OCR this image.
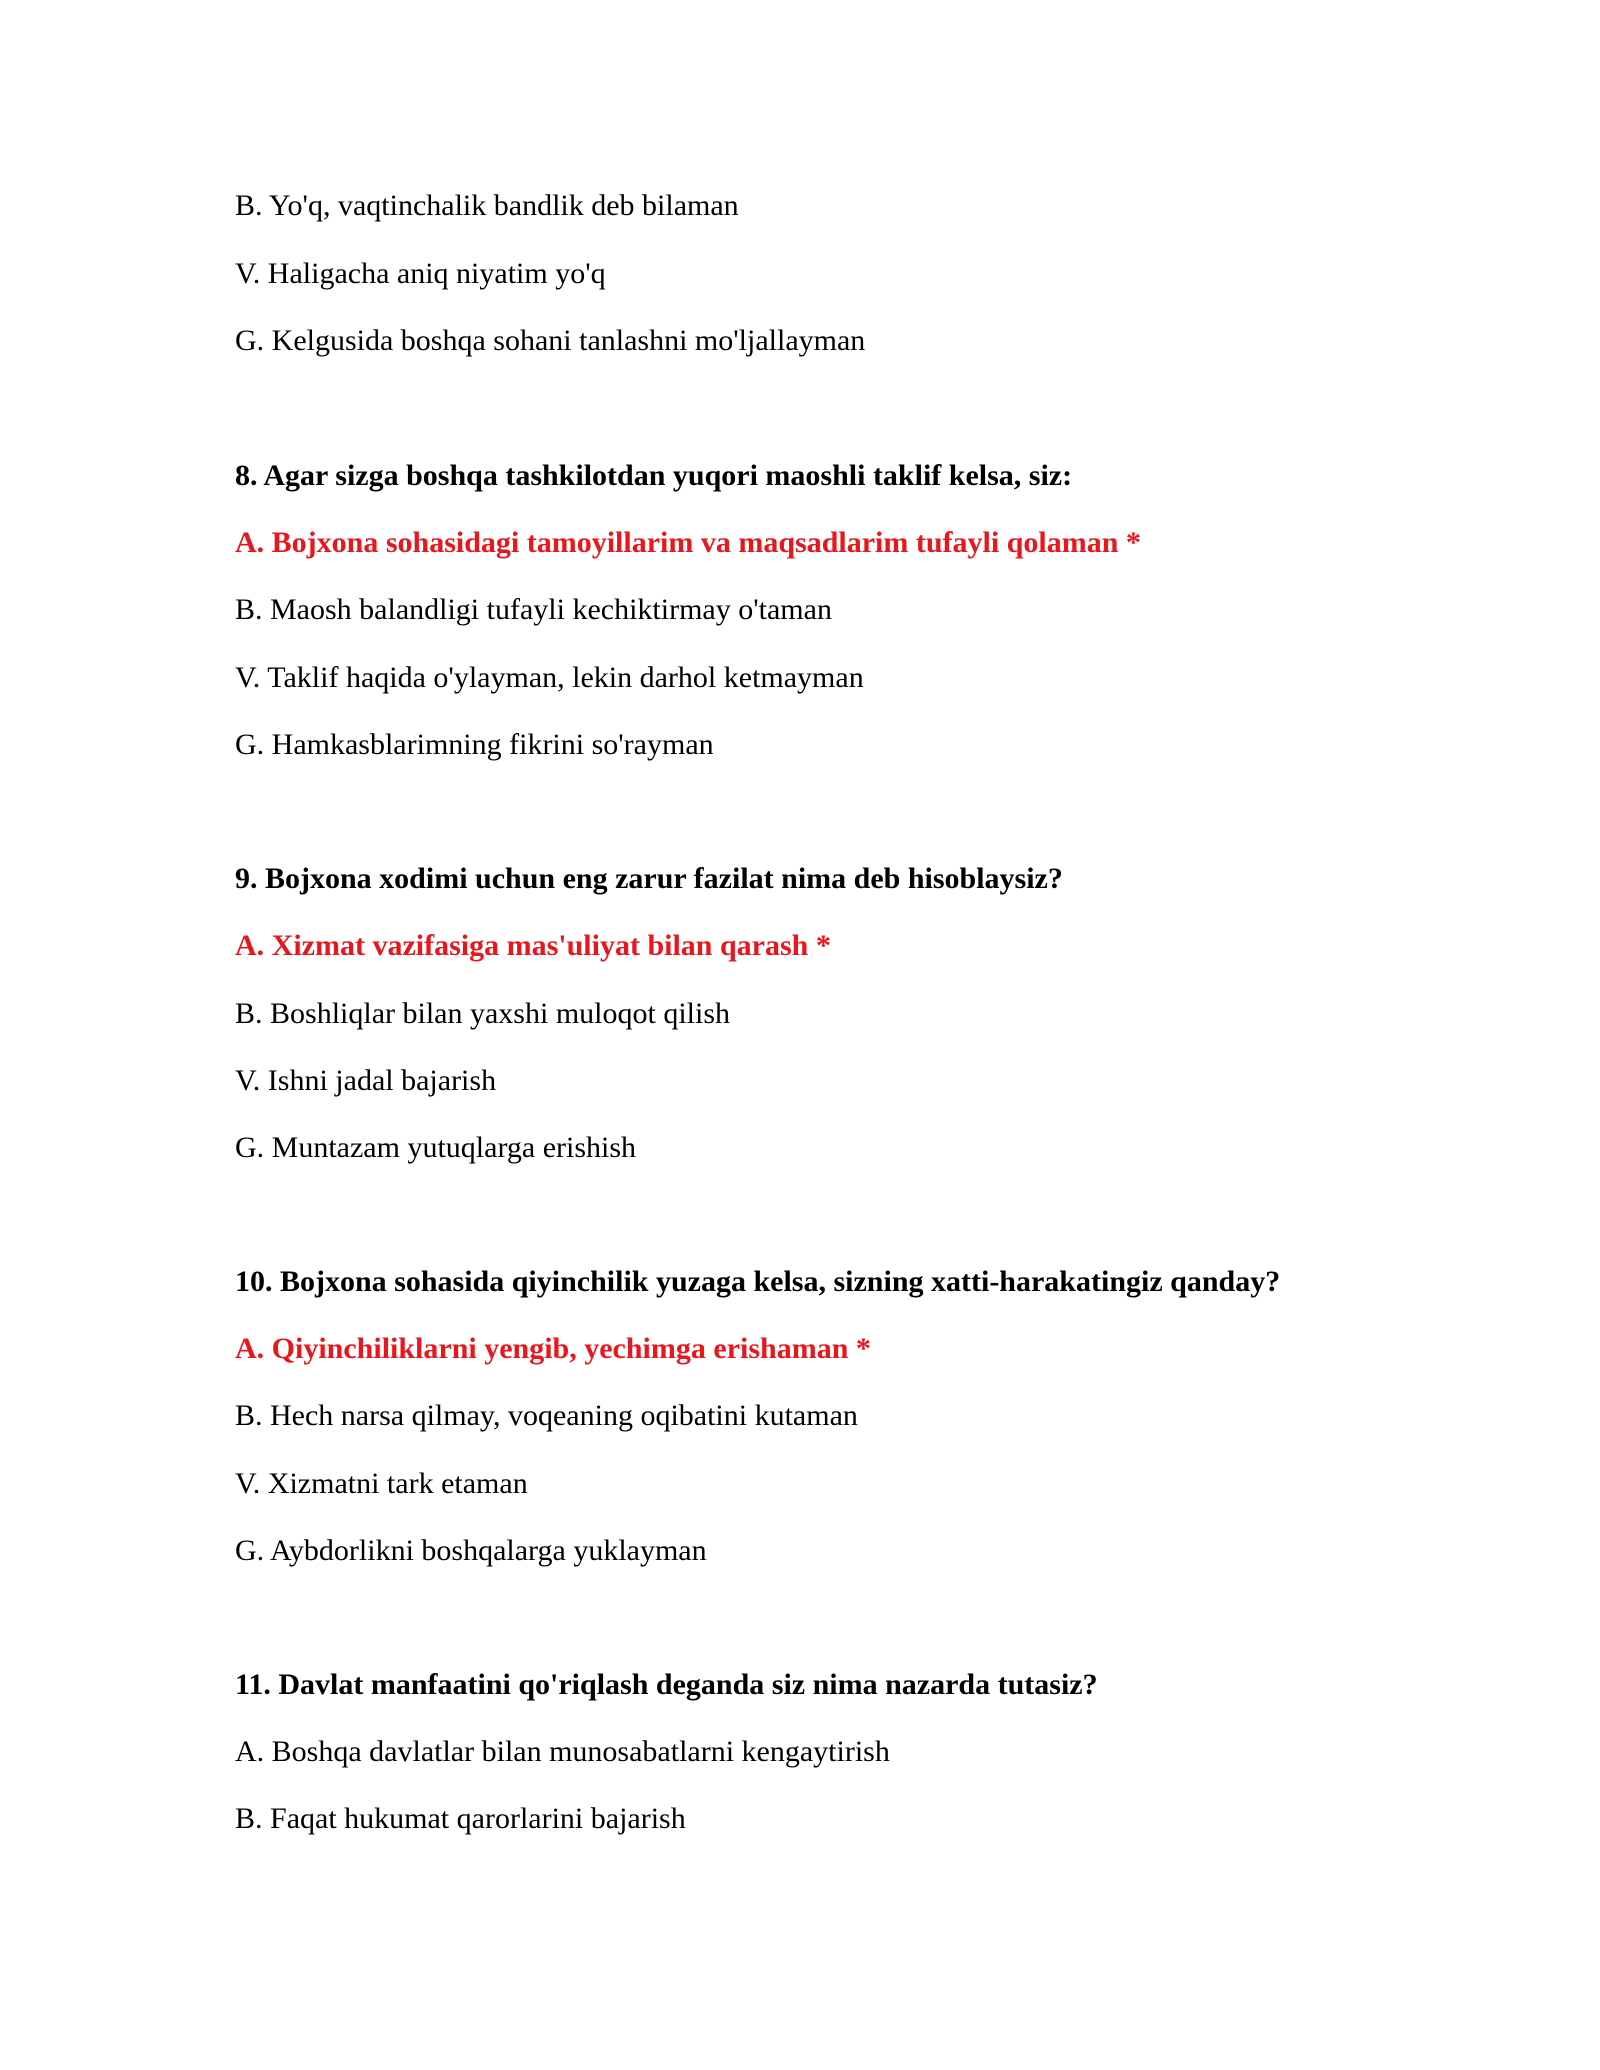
B. Yo'q, vaqtinchalik bandlik deb bilaman
V. Haligacha aniq niyatim yo'q
G. Kelgusida boshqa sohani tanlashni mo'ljallayman
8. Agar sizga boshqa tashkilotdan yuqori maoshli taklif kelsa, siz:
A. Bojxona sohasidagi tamoyillarim va maqsadlarim tufayli qolaman *
B. Maosh balandligi tufayli kechiktirmay o'taman
V. Taklif haqida o'ylayman, lekin darhol ketmayman
G. Hamkasblarimning fikrini so'rayman
9. Bojxona xodimi uchun eng zarur fazilat nima deb hisoblaysiz?
A. Xizmat vazifasiga mas'uliyat bilan qarash *
B. Boshliqlar bilan yaxshi muloqot qilish
V. Ishni jadal bajarish
G. Muntazam yutuqlarga erishish
10. Bojxona sohasida qiyinchilik yuzaga kelsa, sizning xatti-harakatingiz qanday?
A. Qiyinchiliklarni yengib, yechimga erishaman *
B. Hech narsa qilmay, voqeaning oqibatini kutaman
V. Xizmatni tark etaman
G. Aybdorlikni boshqalarga yuklayman
11. Davlat manfaatini qo'riqlash deganda siz nima nazarda tutasiz?
A. Boshqa davlatlar bilan munosabatlarni kengaytirish
B. Faqat hukumat qarorlarini bajarish
